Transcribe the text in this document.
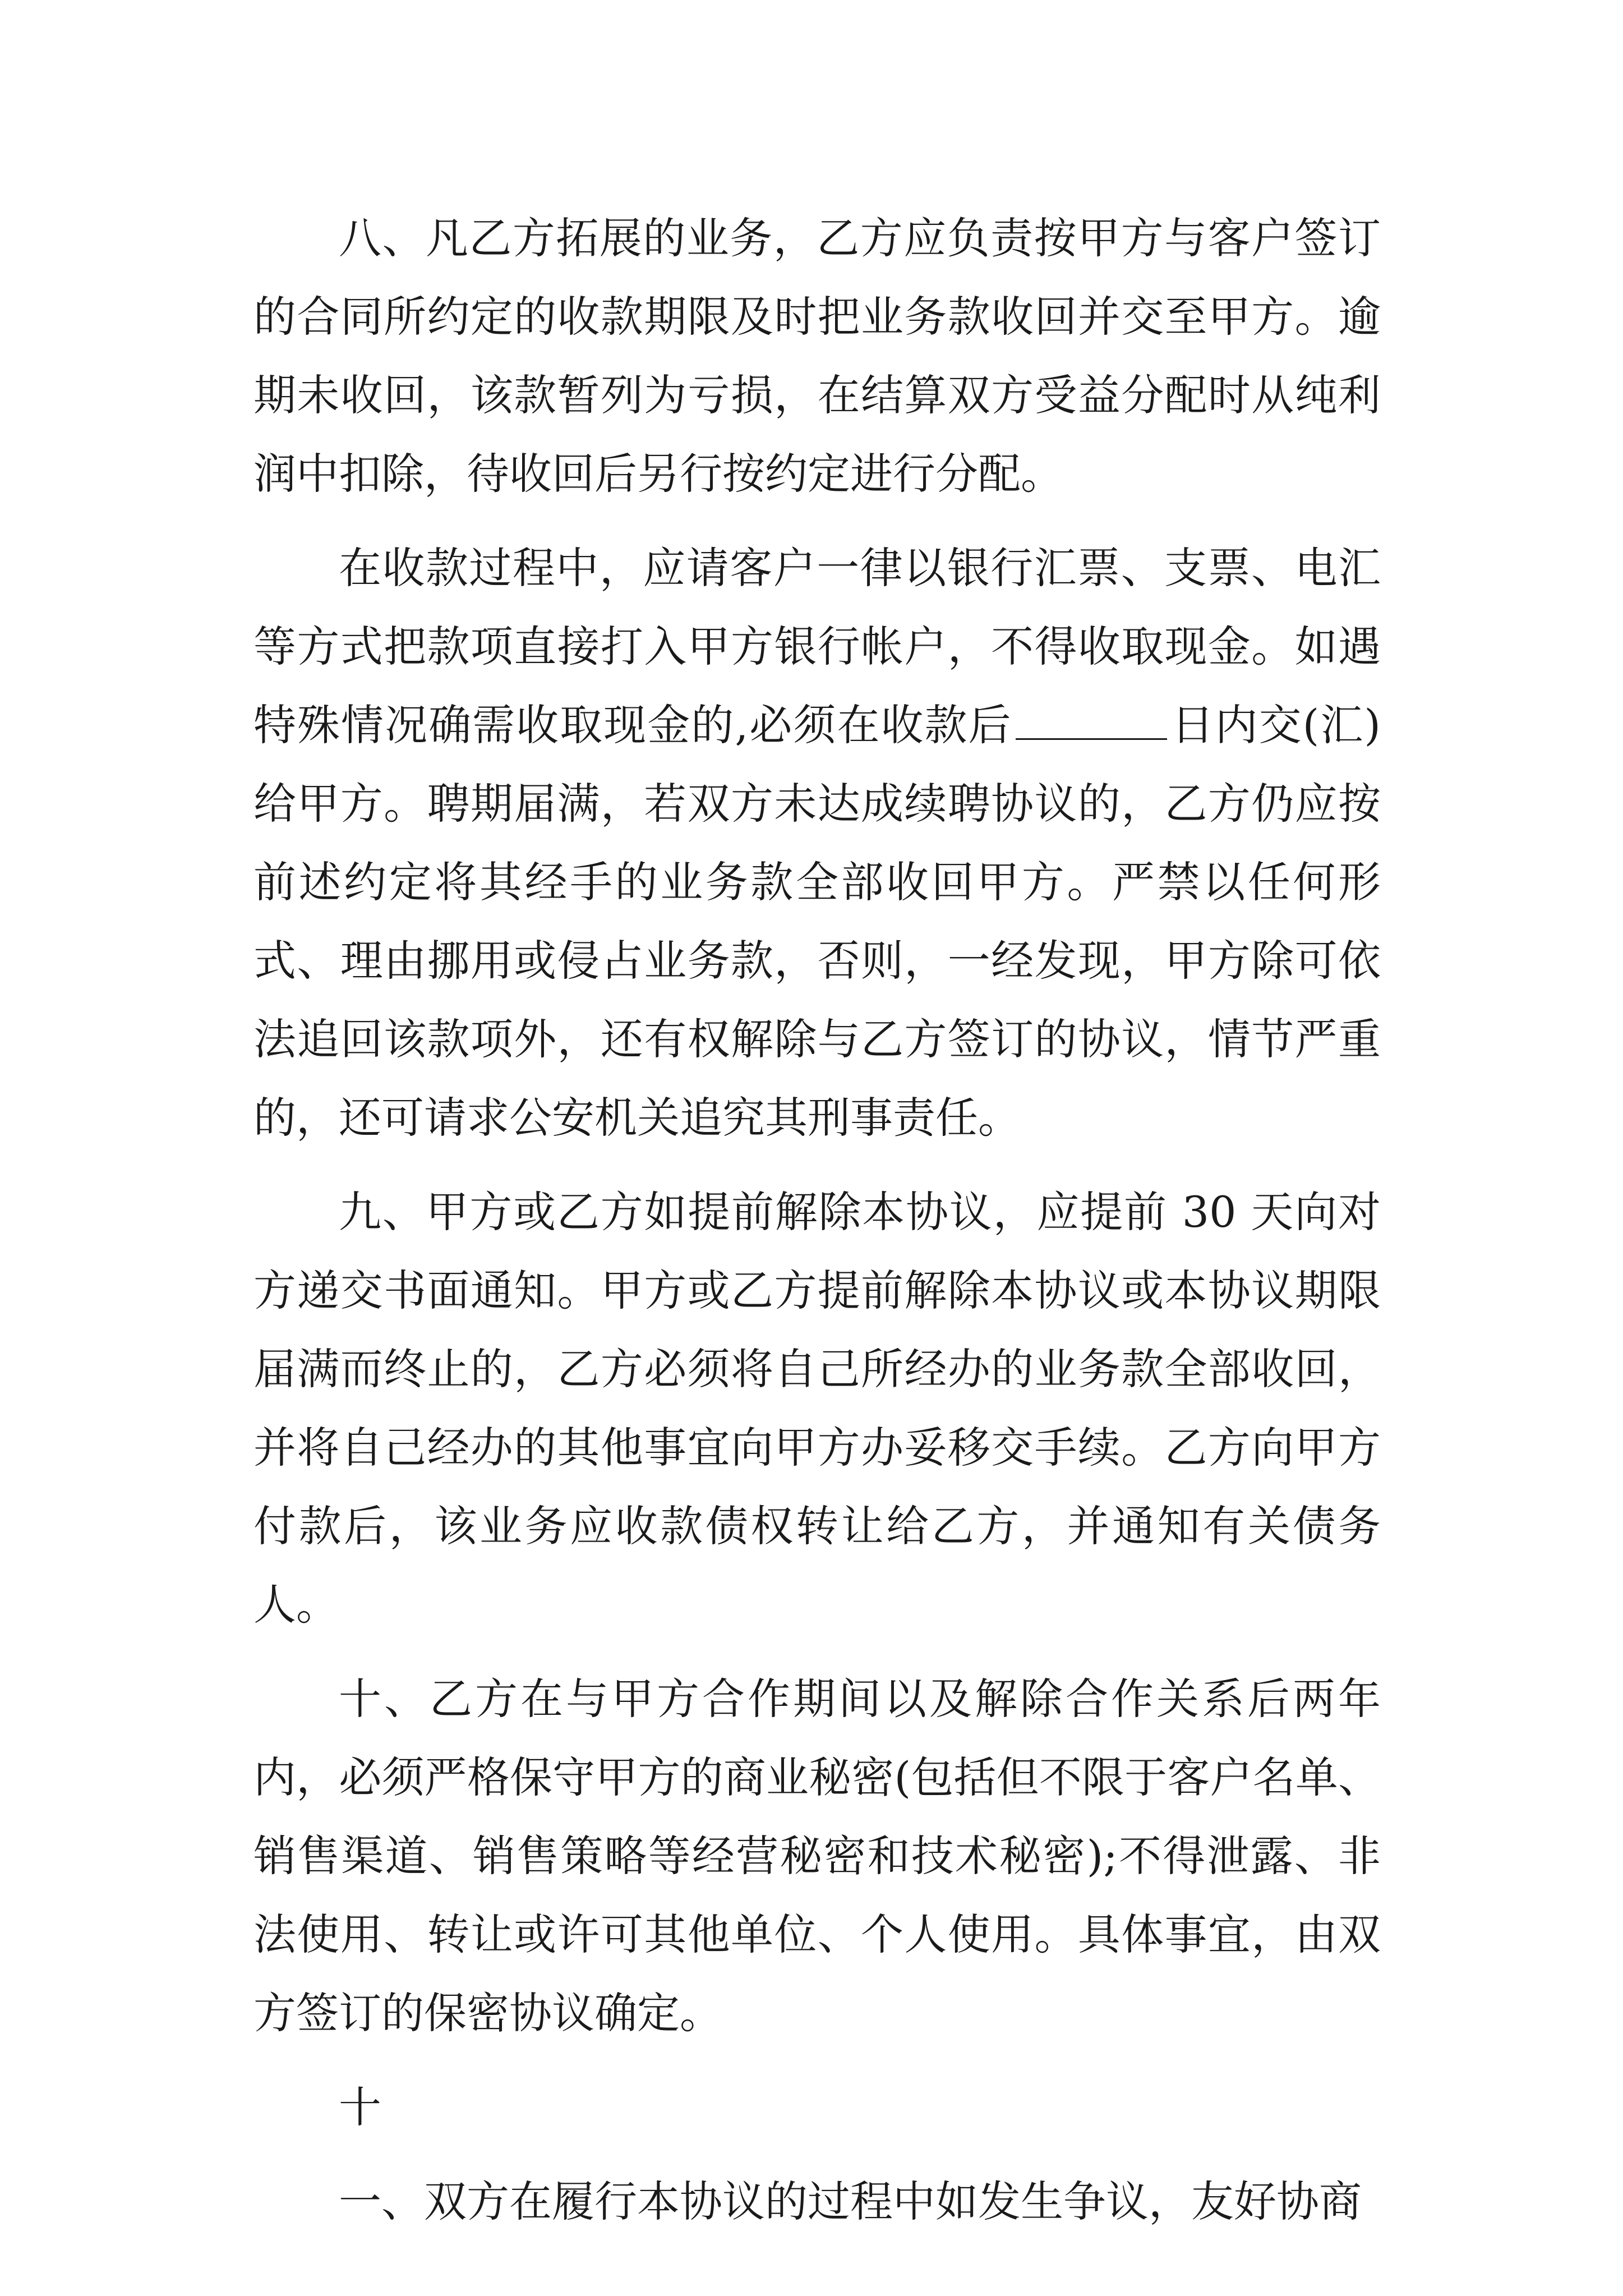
八、凡乙方拓展的业务，乙方应负责按甲方与客户签订的合同所约定的收款期限及时把业务款收回并交至甲方。逾期未收回，该款暂列为亏损，在结算双方受益分配时从纯利润中扣除，待收回后另行按约定进行分配。

在收款过程中，应请客户一律以银行汇票、支票、电汇等方式把款项直接打入甲方银行帐户，不得收取现金。如遇特殊情况确需收取现金的,必须在收款后	日内交(汇)给甲方。聘期届满，若双方未达成续聘协议的，乙方仍应按前述约定将其经手的业务款全部收回甲方。严禁以任何形式、理由挪用或侵占业务款，否则，一经发现，甲方除可依法追回该款项外，还有权解除与乙方签订的协议，情节严重的，还可请求公安机关追究其刑事责任。

九、甲方或乙方如提前解除本协议，应提前 30 天向对方递交书面通知。甲方或乙方提前解除本协议或本协议期限届满而终止的，乙方必须将自己所经办的业务款全部收回，并将自己经办的其他事宜向甲方办妥移交手续。乙方向甲方付款后，该业务应收款债权转让给乙方，并通知有关债务人。

十、乙方在与甲方合作期间以及解除合作关系后两年内，必须严格保守甲方的商业秘密(包括但不限于客户名单、销售渠道、销售策略等经营秘密和技术秘密);不得泄露、非法使用、转让或许可其他单位、个人使用。具体事宜，由双方签订的保密协议确定。

十

一、双方在履行本协议的过程中如发生争议，友好协商
